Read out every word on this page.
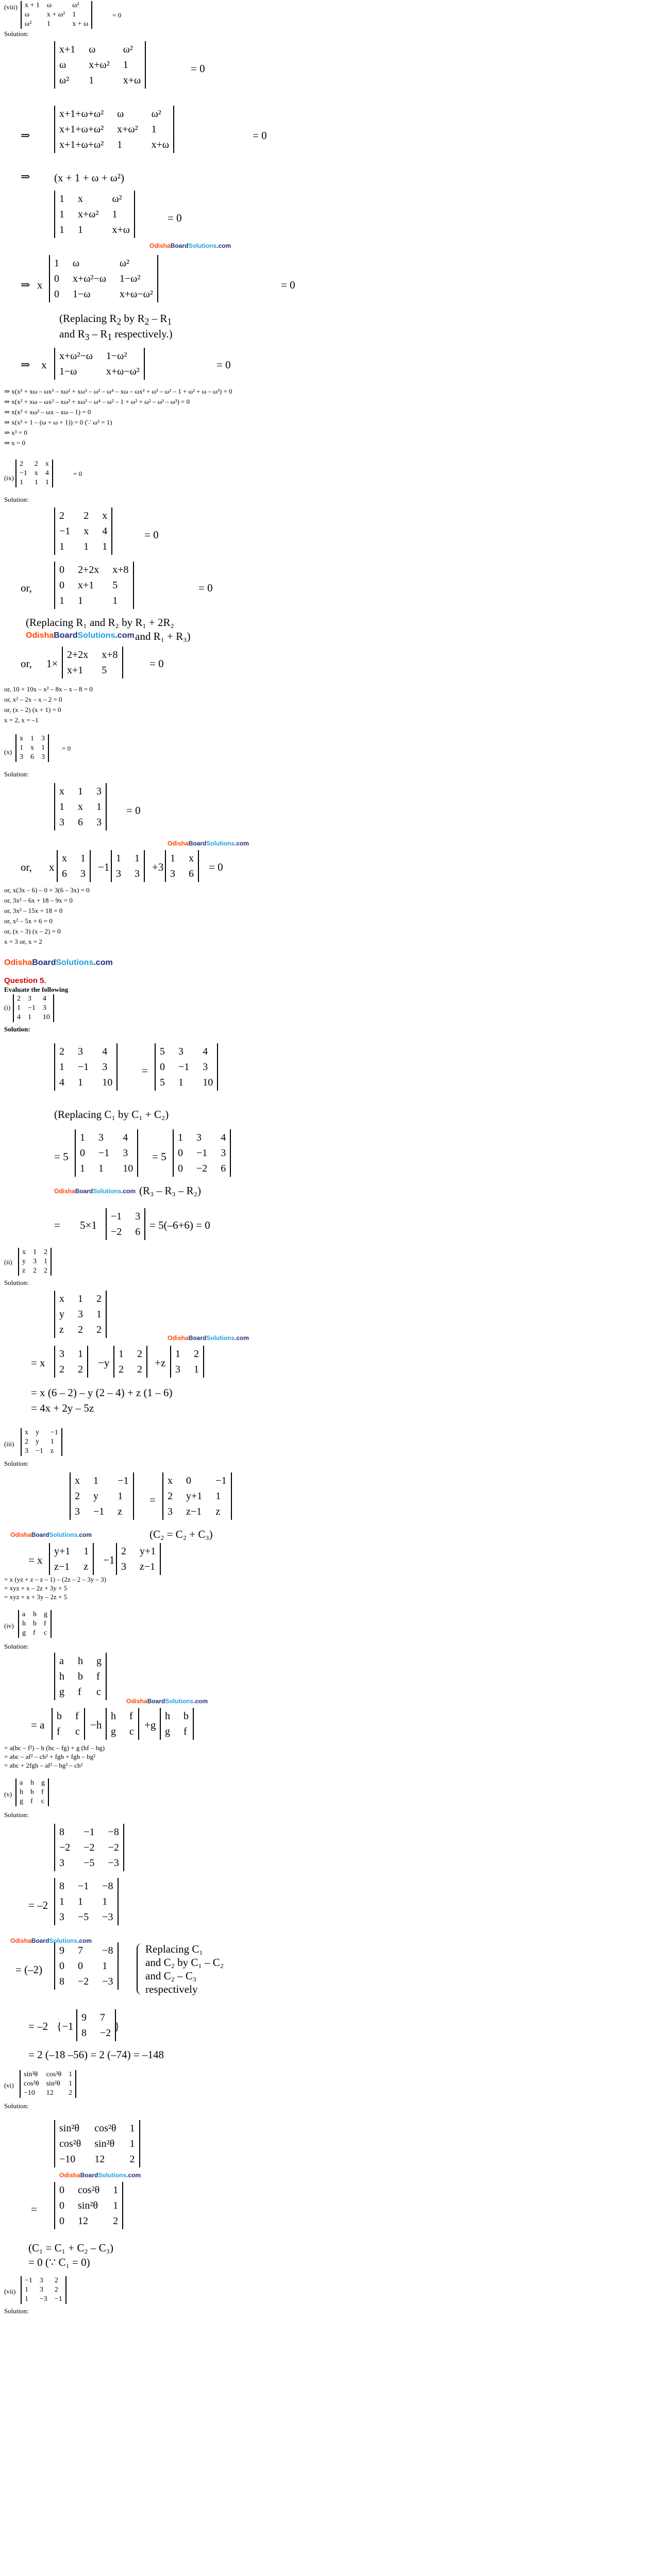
(viii) x + 1 ω	ω²
ω	x + ω² 1
ω²	1	x + ω
= 0
Solution:
x+1 ω	ω²
ω	x+ω² 1
ω²	1	x+ω
= 0
⇒
x+1+ω+ω² ω	ω²
x+1+ω+ω² x+ω² 1
x+1+ω+ω² 1	x+ω
= 0
⇒ (x + 1 + ω + ω²)
1 x	ω²
1 x+ω² 1
1 1	x+ω
= 0
OdishaBoardSolutions.com
⇒ x
1 ω	ω²
0 x+ω²−ω 1−ω²
0 1−ω	x+ω−ω²
= 0
(Replacing $R_2$ by $R_2 - R_1$
and $R_3 - R_1$ respectively.)
⇒ x
x+ω²−ω 1−ω²
1−ω	x+ω−ω²
= 0
⇒ x(x² + xω – ωx² – xω² + xω³ – ω² – ω⁴ – xω – ωx² + ω³ – ω² – 1 + ω² + ω – ω³) = 0
⇒ x(x² + xω – ωx² – xω² + xω³ – ω⁴ – ω² – 1 + ω² + ω² – ω³ – ω³) = 0
⇒ x(x² + xω³ – ωx – xω – 1) = 0
⇒ x(x² + 1 – (ω + ω + 1)) = 0 (∵ ω³ = 1)
⇒ x³ = 0
⇒ x = 0
(ix)
2	2 x
−1 x 4
1	1 1
= 0
Solution:
2	2 x
−1 x 4
1	1 1
= 0
or,
0 2+2x x+8
0 x+1	5
1 1	1
= 0
(Replacing R₁ and R₂ by R₁ + 2R₂
OdishaBoardSolutions.com and R₁ + R₃)
or, 1×
2+2x x+8
x+1	5
= 0
or, 10 + 10x – x² – 8x – x – 8 = 0
or, x² – 2x – x – 2 = 0
or, (x – 2) (x + 1) = 0
x = 2, x = –1
(x)
x 1 3
1 x 1
3 6 3
= 0
Solution:
x 1 3
1 x 1
3 6 3
= 0
OdishaBoardSolutions.com
or, x
x 1
6 3
−1
1 1
3 3
+3
1 x
3 6
= 0
or, x(3x – 6) – 0 + 3(6 – 3x) = 0
or, 3x² – 6x + 18 – 9x = 0
or, 3x² – 15x + 18 = 0
or, x² – 5x + 6 = 0
or, (x – 3) (x – 2) = 0
x = 3 or, x = 2
OdishaBoardSolutions.com
Question 5.
Evaluate the following
(i)
2 3	4
1 −1 3
4 1	10
Solution:
2 3	4
1 −1 3
4 1	10
=
5 3	4
0 −1 3
5 1	10
(Replacing C₁ by C₁ + C₂)
= 5
1 3	4
0 −1 3
1 1	10
= 5
1 3	4
0 −1 3
0 −2 6
OdishaBoardSolutions.com (R₃ – R₃ – R₂)
= 5×1
−1 3
−2 6
= 5(–6+6) = 0
(ii)
x 1 2
y 3 1
z 2 2
Solution:
x 1 2
y 3 1
z 2 2
OdishaBoardSolutions.com
= x
3 1
2 2
−y
1 2
2 2
+z
1 2
3 1
= x (6 – 2) – y (2 – 4) + z (1 – 6)
= 4x + 2y – 5z
(iii)
x y	−1
2 y	1
3 −1 z
Solution:
x 1	−1
2 y	1
3 −1 z
=
x 0	−1
2 y+1 1
3 z−1 z
OdishaBoardSolutions.com	(C₂ = C₂ + C₃)
= x
y+1 1
z−1 z
−1
2 y+1
3 z−1
= x (yz + z – z – 1) – (2z – 2 – 3y – 3)
= xyz + x – 2z + 3y + 5
= xyz + x + 3y – 2z + 5
(iv)
a h g
h b f
g f c
Solution:
a h g
h b f
g f c
OdishaBoardSolutions.com
= a
b f
f c
−h
h f
g c
+g
h b
g f
= a(bc – f²) – h (hc – fg) + g (hf – bg)
= abc – af² – ch² + fgh + fgh – bg²
= abc + 2fgh – af² – bg² – ch²
(v)
a h g
h b f
g f c
Solution:
8	−1 −8
−2 −2 −2
3	−5 −3
= –2
8 −1 −8
1 1	1
3 −5 −3
OdishaBoardSolutions.com
= (–2)
9 7	−8
0 0	1
8 −2 −3
Replacing C₁
and C₂ by C₁ – C₂
and C₂ – C₃
respectively
= –2 {−1
9 7
8 −2
}
= 2 (–18 –56) = 2 (–74) = –148
(vi)
sin²θ cos²θ 1
cos²θ sin²θ 1
−10	12	2
Solution:
sin²θ cos²θ 1
cos²θ sin²θ 1
−10	12	2
OdishaBoardSolutions.com
=
0 cos²θ 1
0 sin²θ 1
0 12	2
(C₁ = C₁ + C₂ – C₃)
= 0 (∵ C₁ = 0)
(vii)
−1 3	2
1	3	2
1	−3 −1
Solution:
